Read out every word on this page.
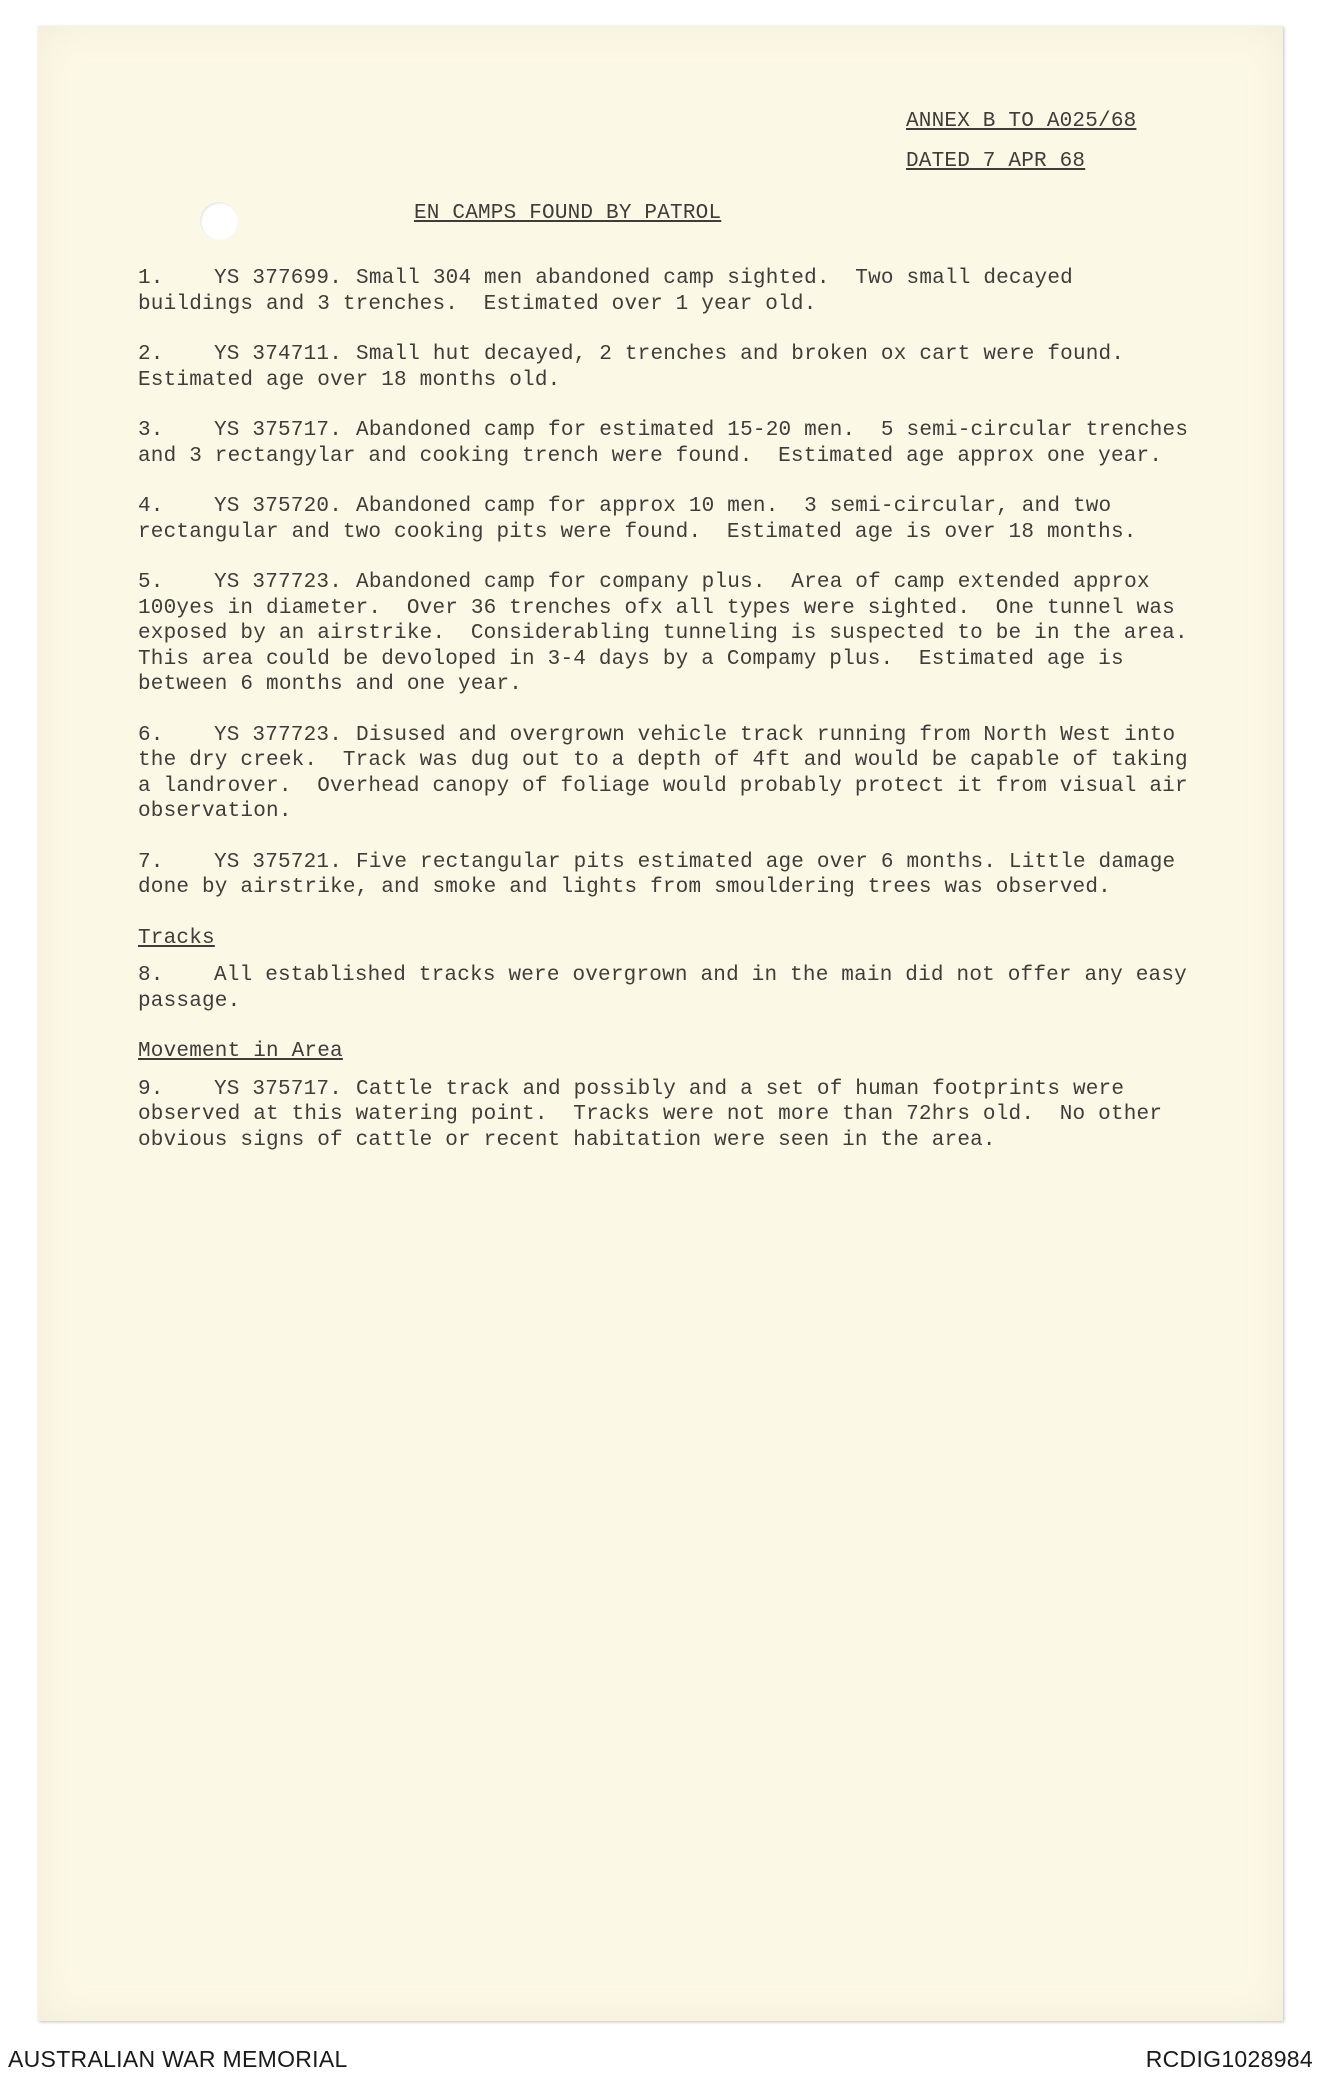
ANNEX B TO A025/68
DATED 7 APR 68
EN CAMPS FOUND BY PATROL
1. YS 377699. Small 304 men abandoned camp sighted.  Two small decayed buildings and 3 trenches.  Estimated over 1 year old.
2. YS 374711. Small hut decayed, 2 trenches and broken ox cart were found. Estimated age over 18 months old.
3. YS 375717. Abandoned camp for estimated 15-20 men.  5 semi-circular trenches and 3 rectangylar and cooking trench were found.  Estimated age approx one year.
4. YS 375720. Abandoned camp for approx 10 men.  3 semi-circular, and two rectangular and two cooking pits were found.  Estimated age is over 18 months.
5. YS 377723. Abandoned camp for company plus.  Area of camp extended approx 100yes in diameter.  Over 36 trenches ofx all types were sighted.  One tunnel was exposed by an airstrike.  Considerabling tunneling is suspected to be in the area. This area could be devoloped in 3-4 days by a Compamy plus.  Estimated age is between 6 months and one year.
6. YS 377723. Disused and overgrown vehicle track running from North West into the dry creek.  Track was dug out to a depth of 4ft and would be capable of taking a landrover.  Overhead canopy of foliage would probably protect it from visual air observation.
7. YS 375721. Five rectangular pits estimated age over 6 months. Little damage done by airstrike, and smoke and lights from smouldering trees was observed.
Tracks
8. All established tracks were overgrown and in the main did not offer any easy passage.
Movement in Area
9. YS 375717. Cattle track and possibly and a set of human footprints were observed at this watering point.  Tracks were not more than 72hrs old.  No other obvious signs of cattle or recent habitation were seen in the area.
AUSTRALIAN WAR MEMORIAL	RCDIG1028984
